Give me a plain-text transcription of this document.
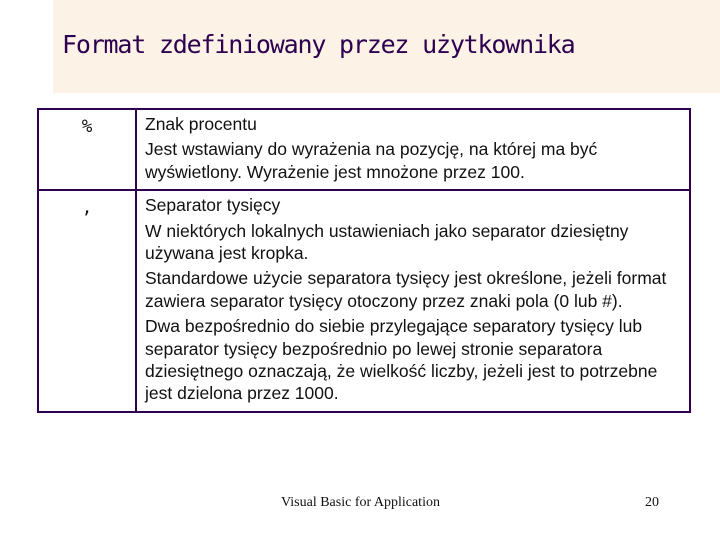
Format zdefiniowany przez użytkownika
%	Znak procentu

Jest wstawiany do wyrażenia na pozycję, na której ma być wyświetlony. Wyrażenie jest mnożone przez 100.

,	Separator tysięcy

W niektórych lokalnych ustawieniach jako separator dziesiętny używana jest kropka.

Standardowe użycie separatora tysięcy jest określone, jeżeli format zawiera separator tysięcy otoczony przez znaki pola (0 lub #).

Dwa bezpośrednio do siebie przylegające separatory tysięcy lub separator tysięcy bezpośrednio po lewej stronie separatora dziesiętnego oznaczają, że wielkość liczby, jeżeli jest to potrzebne jest dzielona przez 1000.

Visual Basic for Application	20
